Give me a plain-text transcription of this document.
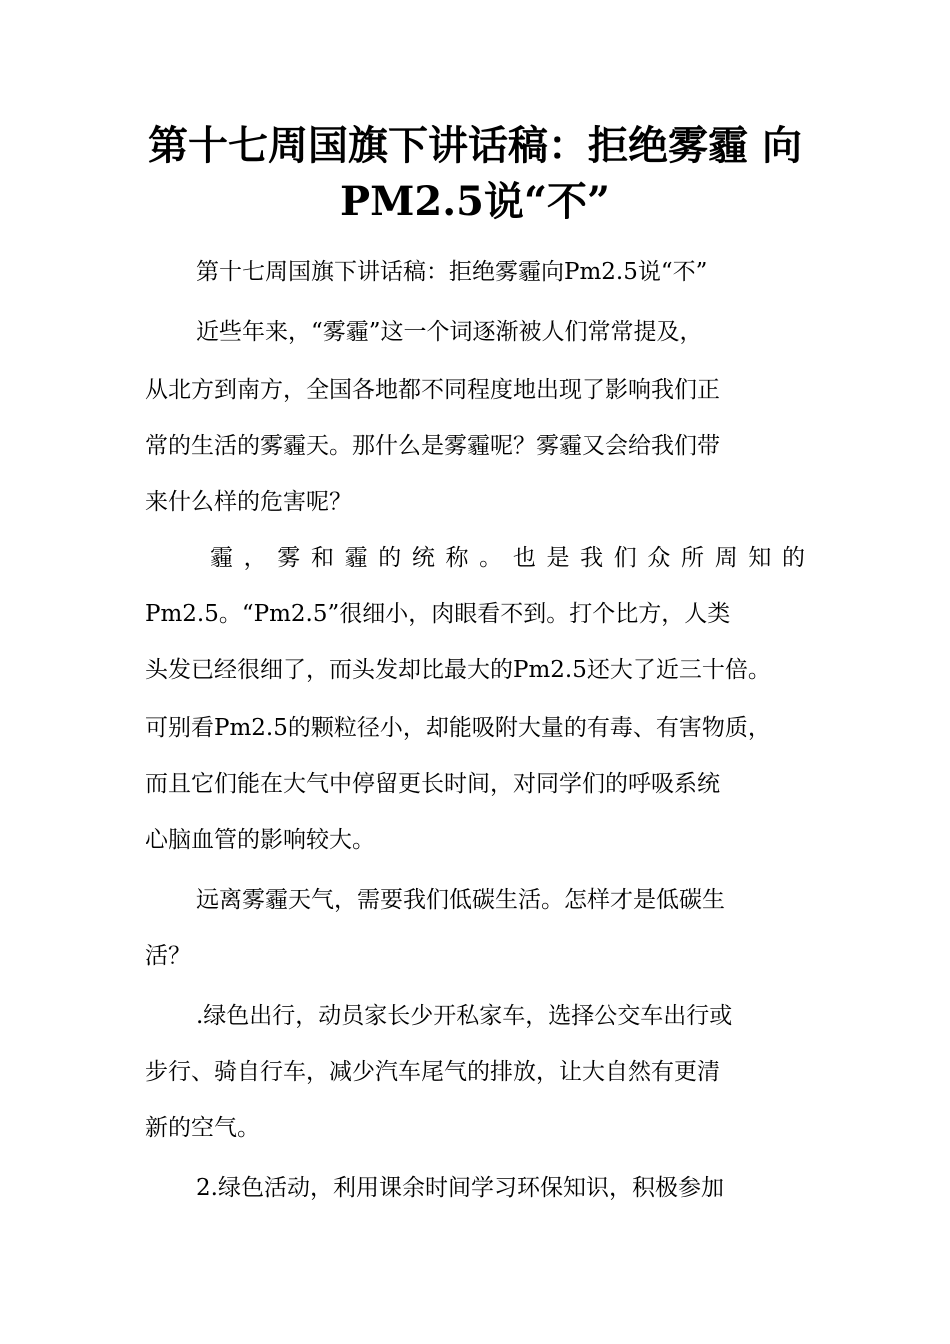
第十七周国旗下讲话稿：拒绝雾霾 向
PM2.5说“不”
第十七周国旗下讲话稿：拒绝雾霾向Pm2.5说“不”
近些年来，“雾霾”这一个词逐渐被人们常常提及，
从北方到南方，全国各地都不同程度地出现了影响我们正
常的生活的雾霾天。那什么是雾霾呢？雾霾又会给我们带
来什么样的危害呢？
霾，雾和霾的统称。也是我们众所周知的
Pm2.5。“Pm2.5”很细小，肉眼看不到。打个比方，人类
头发已经很细了，而头发却比最大的Pm2.5还大了近三十倍。
可别看Pm2.5的颗粒径小，却能吸附大量的有毒、有害物质，
而且它们能在大气中停留更长时间，对同学们的呼吸系统
心脑血管的影响较大。
远离雾霾天气，需要我们低碳生活。怎样才是低碳生
活？
.绿色出行，动员家长少开私家车，选择公交车出行或
步行、骑自行车，减少汽车尾气的排放，让大自然有更清
新的空气。
2.绿色活动，利用课余时间学习环保知识，积极参加
